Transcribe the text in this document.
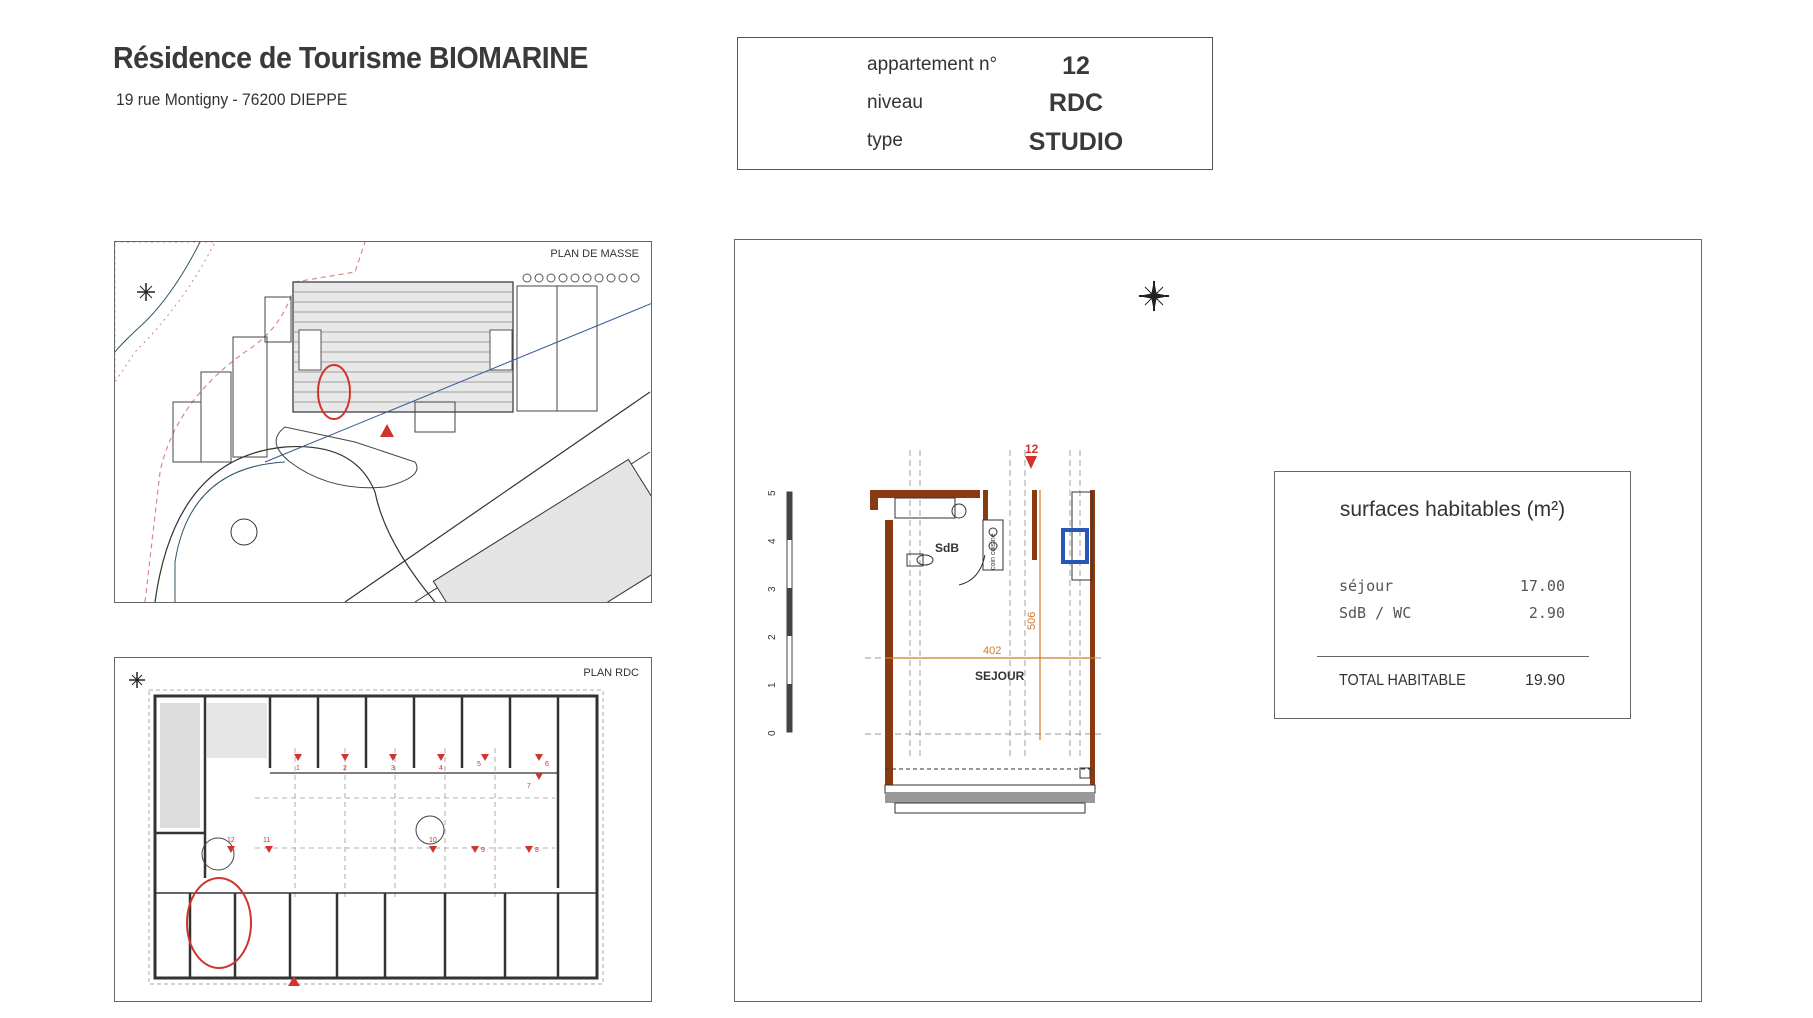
Résidence de Tourisme BIOMARINE
19 rue Montigny - 76200 DIEPPE
appartement n°	12
niveau	RDC
type	STUDIO
PLAN DE MASSE
PLAN RDC
1	2	3	4
5	6
7
8
9
10
11
12
0
1
2
3
4
5
12
402
506
coin cuisine
SdB
SEJOUR
surfaces habitables (m²)
séjour	17.00
SdB / WC	2.90
TOTAL HABITABLE	19.90
